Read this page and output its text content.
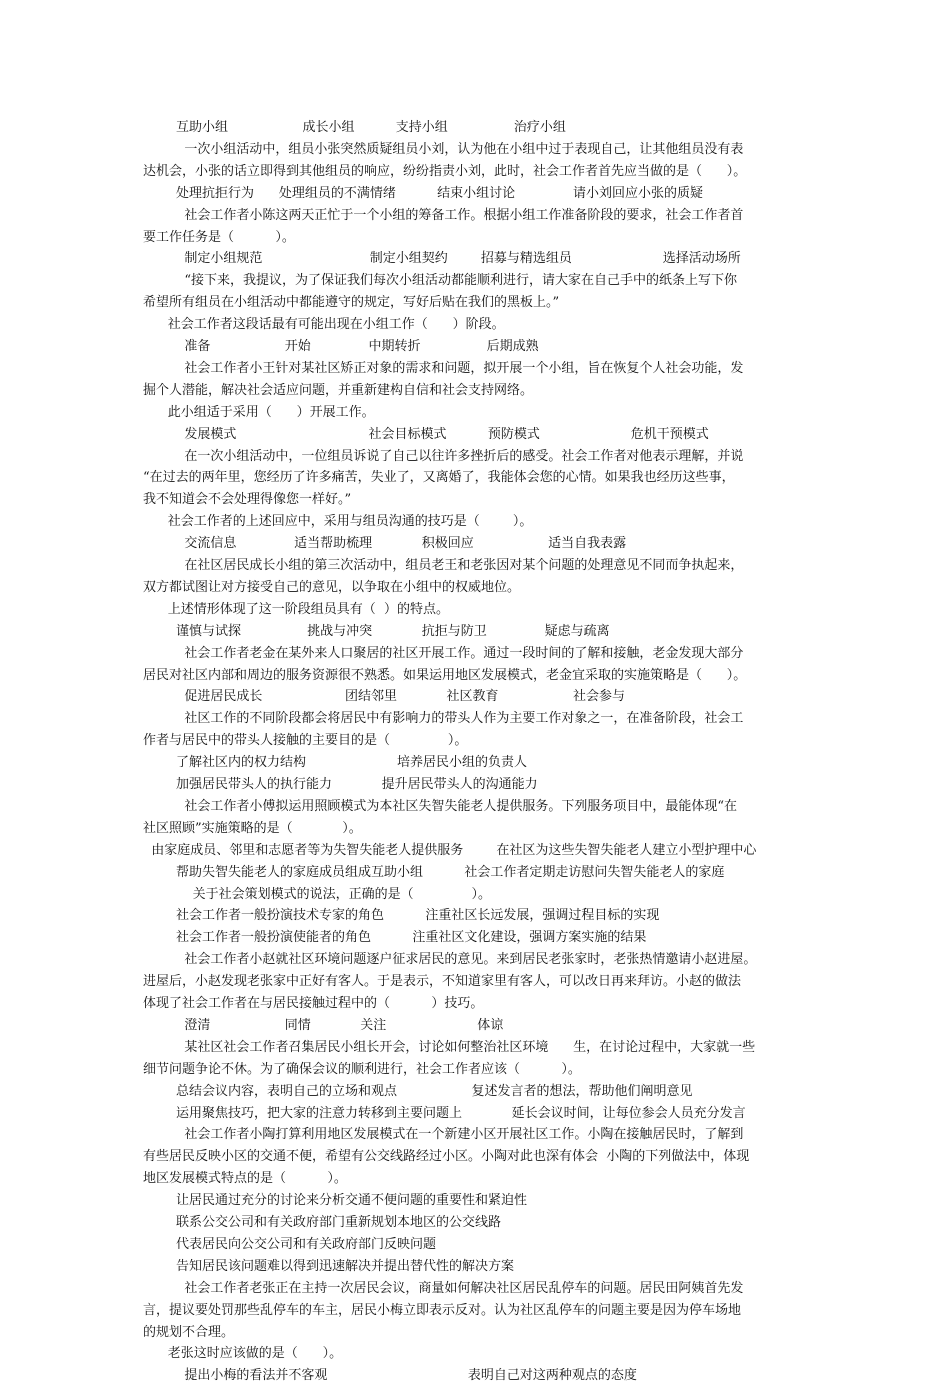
互助小组                  成长小组          支持小组                治疗小组
一次小组活动中，组员小张突然质疑组员小刘，认为他在小组中过于表现自己，让其他组员没有表
达机会，小张的话立即得到其他组员的响应，纷纷指责小刘，此时，社会工作者首先应当做的是（      ）。
处理抗拒行为      处理组员的不满情绪          结束小组讨论              请小刘回应小张的质疑
社会工作者小陈这两天正忙于一个小组的筹备工作。根据小组工作准备阶段的要求，社会工作者首
要工作任务是（          ）。
制定小组规范                          制定小组契约        招募与精选组员                      选择活动场所
“接下来，我提议，为了保证我们每次小组活动都能顺利进行，请大家在自己手中的纸条上写下你
希望所有组员在小组活动中都能遵守的规定，写好后贴在我们的黑板上。”
社会工作者这段话最有可能出现在小组工作（      ）阶段。
准备                  开始              中期转折                后期成熟
社会工作者小王针对某社区矫正对象的需求和问题，拟开展一个小组，旨在恢复个人社会功能，发
掘个人潜能，解决社会适应问题，并重新建构自信和社会支持网络。
此小组适于采用（      ）开展工作。
发展模式                                社会目标模式          预防模式                      危机干预模式
在一次小组活动中，一位组员诉说了自己以往许多挫折后的感受。社会工作者对他表示理解，并说
“在过去的两年里，您经历了许多痛苦，失业了，又离婚了，我能体会您的心情。如果我也经历这些事，
我不知道会不会处理得像您一样好。”
社会工作者的上述回应中，采用与组员沟通的技巧是（        ）。
交流信息              适当帮助梳理            积极回应                  适当自我表露
在社区居民成长小组的第三次活动中，组员老王和老张因对某个问题的处理意见不同而争执起来，
双方都试图让对方接受自己的意见，以争取在小组中的权威地位。
上述情形体现了这一阶段组员具有（  ）的特点。
谨慎与试探                挑战与冲突            抗拒与防卫              疑虑与疏离
社会工作者老金在某外来人口聚居的社区开展工作。通过一段时间的了解和接触，老金发现大部分
居民对社区内部和周边的服务资源很不熟悉。如果运用地区发展模式，老金宜采取的实施策略是（      ）。
促进居民成长                    团结邻里            社区教育                  社会参与
社区工作的不同阶段都会将居民中有影响力的带头人作为主要工作对象之一，在准备阶段，社会工
作者与居民中的带头人接触的主要目的是（              ）。
了解社区内的权力结构                      培养居民小组的负责人
加强居民带头人的执行能力            提升居民带头人的沟通能力
社会工作者小傅拟运用照顾模式为本社区失智失能老人提供服务。下列服务项目中，最能体现“在
社区照顾”实施策略的是（            ）。
由家庭成员、邻里和志愿者等为失智失能老人提供服务        在社区为这些失智失能老人建立小型护理中心
帮助失智失能老人的家庭成员组成互助小组          社会工作者定期走访慰问失智失能老人的家庭
关于社会策划模式的说法，正确的是（              ）。
社会工作者一般扮演技术专家的角色          注重社区长远发展，强调过程目标的实现
社会工作者一般扮演使能者的角色          注重社区文化建设，强调方案实施的结果
社会工作者小赵就社区环境问题逐户征求居民的意见。来到居民老张家时，老张热情邀请小赵进屋。
进屋后，小赵发现老张家中正好有客人。于是表示，不知道家里有客人，可以改日再来拜访。小赵的做法
体现了社会工作者在与居民接触过程中的（          ）技巧。
澄清                  同情            关注                      体谅
某社区社会工作者召集居民小组长开会，讨论如何整治社区环境      生，在讨论过程中，大家就一些
细节问题争论不休。为了确保会议的顺利进行，社会工作者应该（          ）。
总结会议内容，表明自己的立场和观点                  复述发言者的想法，帮助他们阐明意见
运用聚焦技巧，把大家的注意力转移到主要问题上            延长会议时间，让每位参会人员充分发言
社会工作者小陶打算利用地区发展模式在一个新建小区开展社区工作。小陶在接触居民时，了解到
有些居民反映小区的交通不便，希望有公交线路经过小区。小陶对此也深有体会  小陶的下列做法中，体现
地区发展模式特点的是（          ）。
让居民通过充分的讨论来分析交通不便问题的重要性和紧迫性
联系公交公司和有关政府部门重新规划本地区的公交线路
代表居民向公交公司和有关政府部门反映问题
告知居民该问题难以得到迅速解决并提出替代性的解决方案
社会工作者老张正在主持一次居民会议，商量如何解决社区居民乱停车的问题。居民田阿姨首先发
言，提议要处罚那些乱停车的车主，居民小梅立即表示反对。认为社区乱停车的问题主要是因为停车场地
的规划不合理。
老张这时应该做的是（      ）。
提出小梅的看法并不客观                                  表明自己对这两种观点的态度
